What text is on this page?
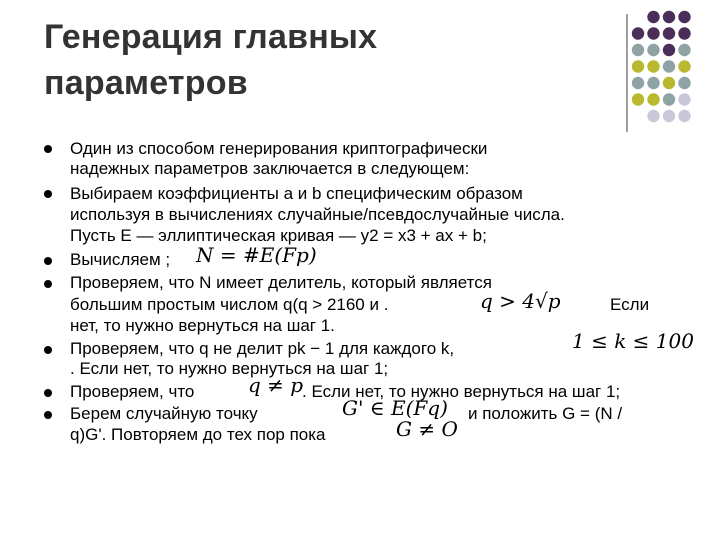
Генерация главных
параметров
Один из способом генерирования криптографически
надежных параметров заключается в следующем:
Выбираем коэффициенты a и b специфическим образом
используя в вычислениях случайные/псевдослучайные числа.
Пусть E — эллиптическая кривая — y2 = x3 + ax + b;
Вычисляем ; N = #E(Fp)
Проверяем, что N имеет делитель, который является
большим простым числом q(q > 2160 и .	q > 4√p	Если
нет, то нужно вернуться на шаг 1.
Проверяем, что q не делит pk − 1 для каждого k,	1 ≤ k ≤ 100
. Если нет, то нужно вернуться на шаг 1;
Проверяем, что	q ≠ p
. Если нет, то нужно вернуться на шаг 1;
Берем случайную точку	G' ∈ E(Fq) и положить G = (N /
q)G'. Повторяем до тех пор пока	G ≠ O
